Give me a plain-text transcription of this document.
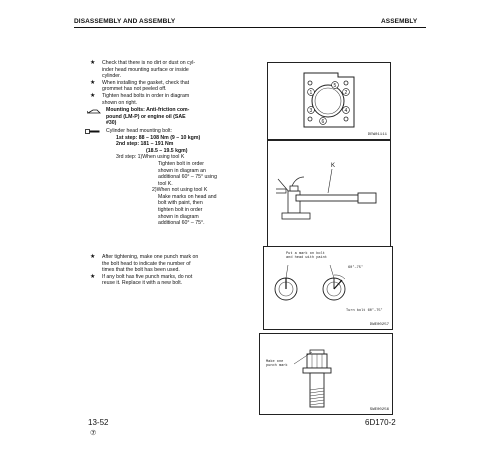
DISASSEMBLY AND ASSEMBLY	ASSEMBLY
★ Check that there is no dirt or dust on cyl-
inder head mounting surface or inside
cylinder.
★ When installing the gasket, check that
grommet has not peeled off.
★ Tighten head bolts in order in diagram
shown on right.
Mounting bolts: Anti-friction com-
pound (LM-P) or engine oil (SAE
#30)
Cylinder head mounting bolt:
1st step: 88 – 108 Nm (9 – 10 kgm)
2nd step: 181 – 191 Nm
(18.5 – 19.5 kgm)
3rd step: 1)When using tool K
Tighten bolt in order
shown in diagram an
additional 60° – 75° using
tool K.
2)When not using tool K
Make marks on head and
bolt with paint, then
tighten bolt in order
shown in diagram
additional 60° – 75°.
★ After tightening, make one punch mark on
the bolt head to indicate the number of
times that the bolt has been used.
★ If any bolt has five punch marks, do not
reuse it. Replace it with a new bolt.
1	2
3	4
5
6
DEW01111
K
Put a mark on bolt
and head with paint
60°–75°
Turn bolt 60°–75°
DWE00257
Make one
punch mark
SWE00256
13-52
⑦
6D170-2
